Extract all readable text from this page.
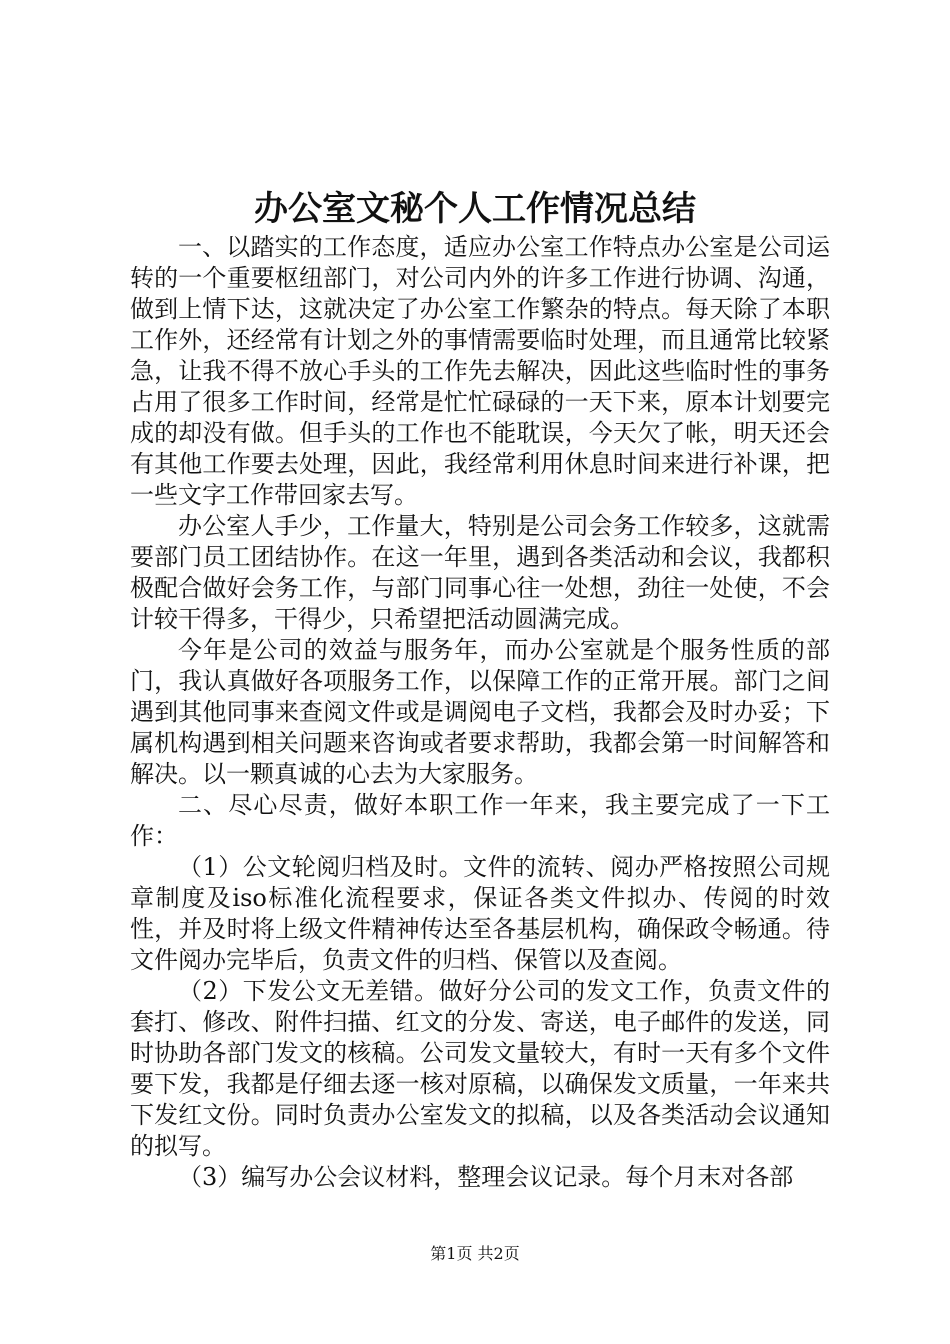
办公室文秘个人工作情况总结

一、以踏实的工作态度，适应办公室工作特点办公室是公司运转的一个重要枢纽部门，对公司内外的许多工作进行协调、沟通，做到上情下达，这就决定了办公室工作繁杂的特点。每天除了本职工作外，还经常有计划之外的事情需要临时处理，而且通常比较紧急，让我不得不放心手头的工作先去解决，因此这些临时性的事务占用了很多工作时间，经常是忙忙碌碌的一天下来，原本计划要完成的却没有做。但手头的工作也不能耽误，今天欠了帐，明天还会有其他工作要去处理，因此，我经常利用休息时间来进行补课，把一些文字工作带回家去写。

办公室人手少，工作量大，特别是公司会务工作较多，这就需要部门员工团结协作。在这一年里，遇到各类活动和会议，我都积极配合做好会务工作，与部门同事心往一处想，劲往一处使，不会计较干得多，干得少，只希望把活动圆满完成。

今年是公司的效益与服务年，而办公室就是个服务性质的部门，我认真做好各项服务工作，以保障工作的正常开展。部门之间遇到其他同事来查阅文件或是调阅电子文档，我都会及时办妥；下属机构遇到相关问题来咨询或者要求帮助，我都会第一时间解答和解决。以一颗真诚的心去为大家服务。

二、尽心尽责，做好本职工作一年来，我主要完成了一下工作：

（1）公文轮阅归档及时。文件的流转、阅办严格按照公司规章制度及iso标准化流程要求，保证各类文件拟办、传阅的时效性，并及时将上级文件精神传达至各基层机构，确保政令畅通。待文件阅办完毕后，负责文件的归档、保管以及查阅。

（2）下发公文无差错。做好分公司的发文工作，负责文件的套打、修改、附件扫描、红文的分发、寄送，电子邮件的发送，同时协助各部门发文的核稿。公司发文量较大，有时一天有多个文件要下发，我都是仔细去逐一核对原稿，以确保发文质量，一年来共下发红文份。同时负责办公室发文的拟稿，以及各类活动会议通知的拟写。

（3）编写办公会议材料，整理会议记录。每个月末对各部

第1页 共2页
